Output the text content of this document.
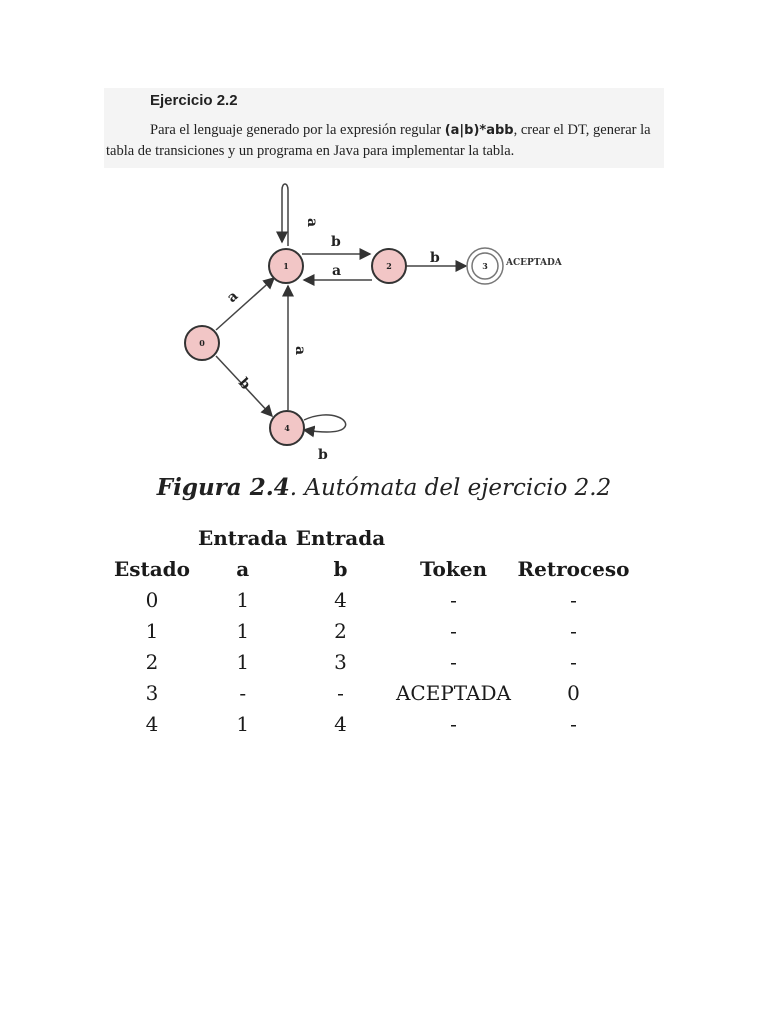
Ejercicio 2.2
Para el lenguaje generado por la expresión regular (a|b)*abb, crear el DT, generar la tabla de transiciones y un programa en Java para implementar la tabla.
a
b
b
a
b
a
b
a
0
1	2	3 ACEPTADA
4
Figura 2.4. Autómata del ejercicio 2.2
	Entrada	Entrada		
Estado	a	b	Token	Retroceso
0	1	4	-	-
1	1	2	-	-
2	1	3	-	-
3	-	-	ACEPTADA	0
4	1	4	-	-
